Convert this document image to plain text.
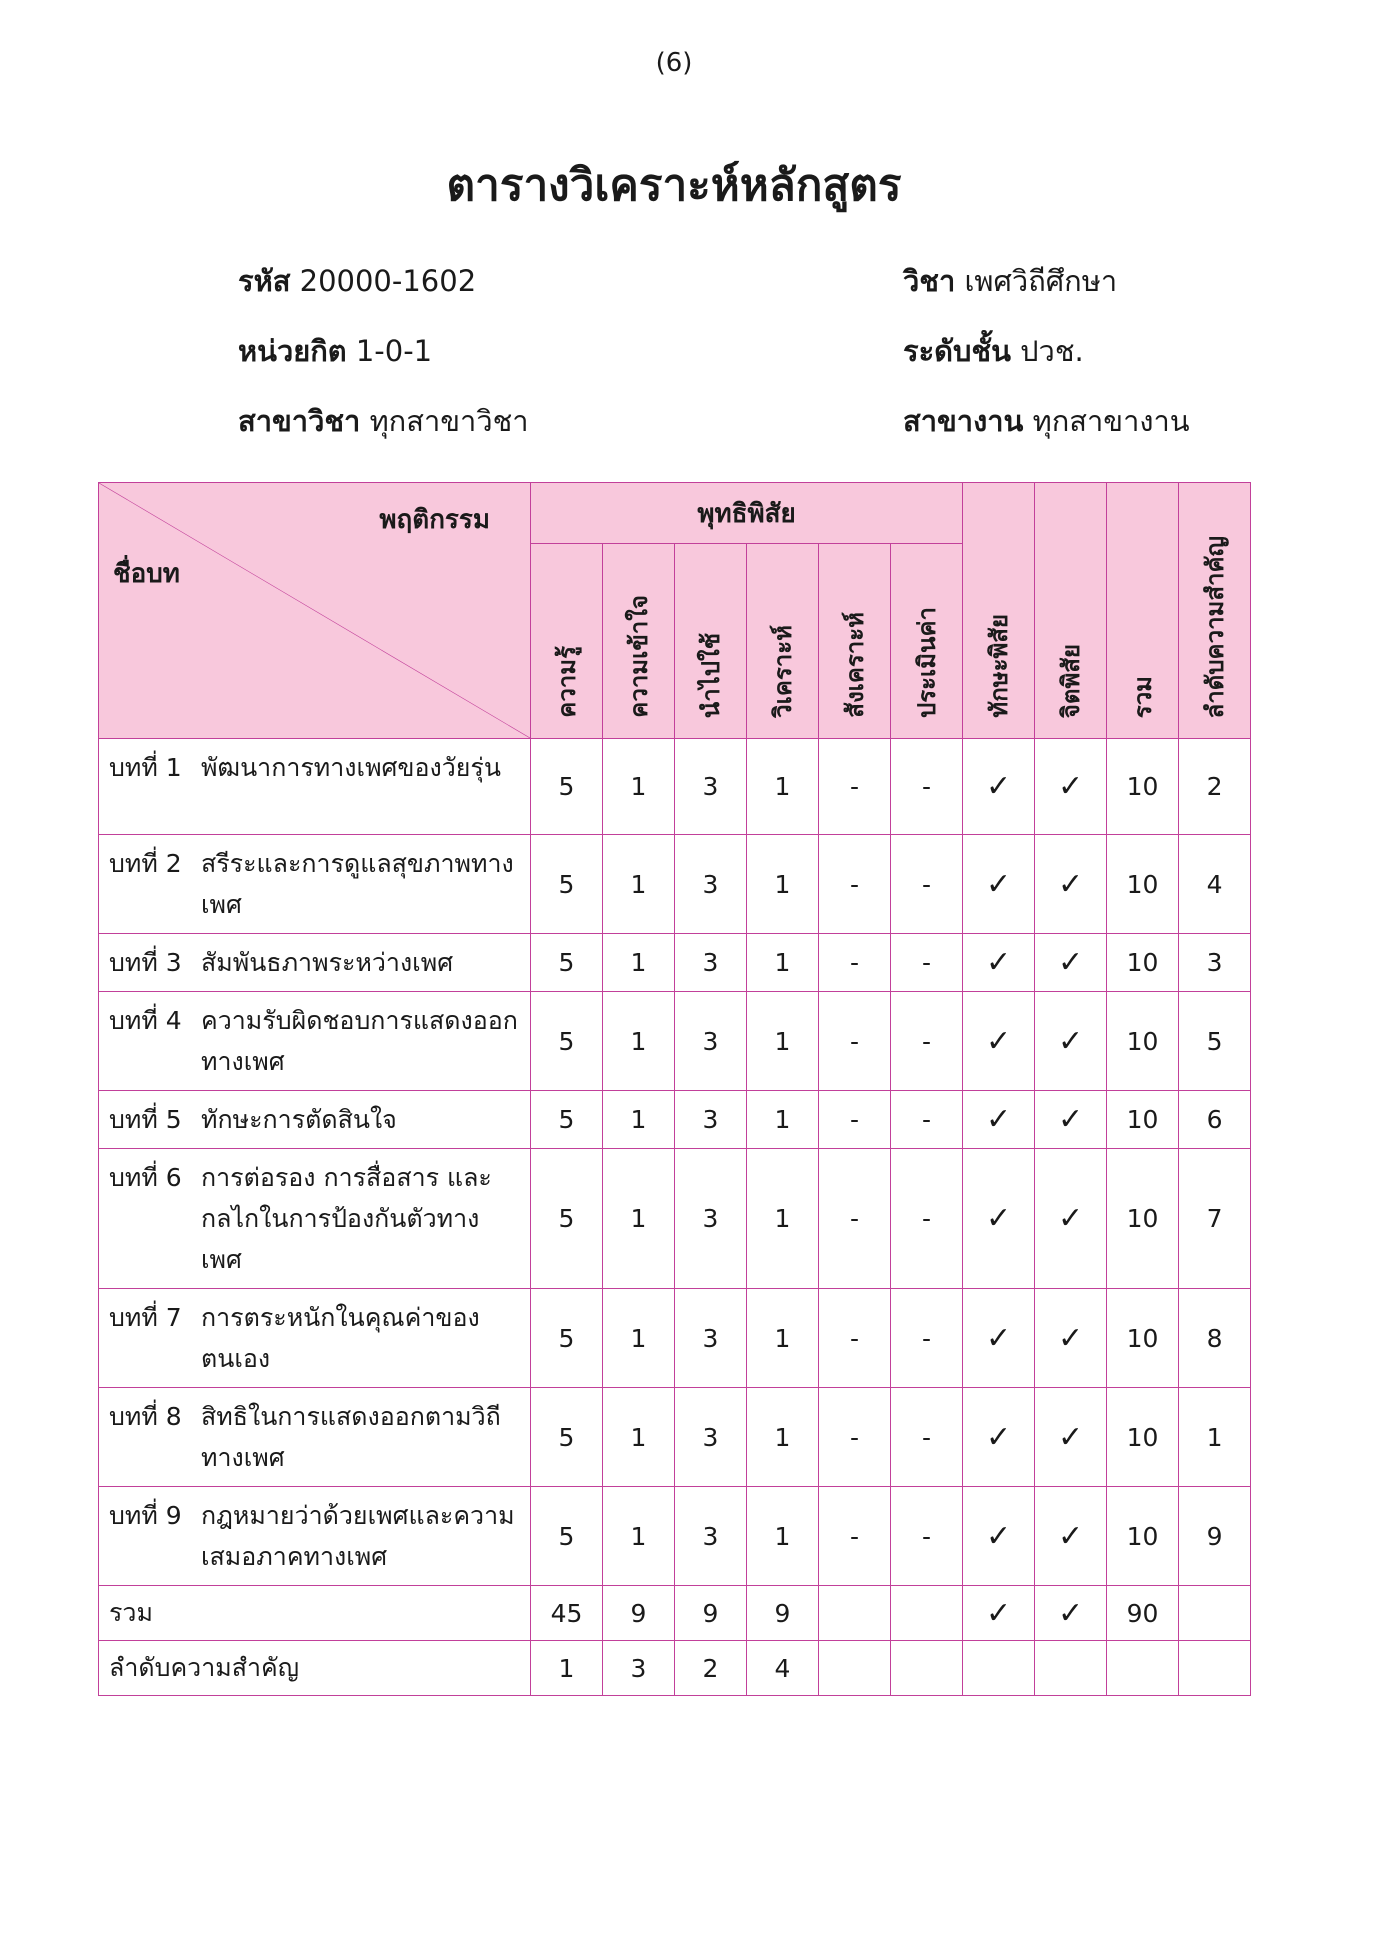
(6)
ตารางวิเคราะห์หลักสูตร
รหัส 20000-1602	วิชา เพศวิถีศึกษา
หน่วยกิต 1-0-1	ระดับชั้น ปวช.
สาขาวิชา ทุกสาขาวิชา	สาขางาน ทุกสาขางาน
พฤติกรรม
ชื่อบท	พุทธิพิสัย						ทักษะพิสัย	จิตพิสัย	รวม	ลำดับความสำคัญ
	ความรู้	ความเข้าใจ	นำไปใช้	วิเคราะห์	สังเคราะห์	ประเมินค่า				

บทที่ 1 พัฒนาการทางเพศของวัยรุ่น	5	1	3	1	-	-	✓	✓	10	2

บทที่ 2 สรีระและการดูแลสุขภาพทางเพศ	5	1	3	1	-	-	✓	✓	10	4

บทที่ 3 สัมพันธภาพระหว่างเพศ	5	1	3	1	-	-	✓	✓	10	3

บทที่ 4 ความรับผิดชอบการแสดงออกทางเพศ	5	1	3	1	-	-	✓	✓	10	5

บทที่ 5 ทักษะการตัดสินใจ	5	1	3	1	-	-	✓	✓	10	6

บทที่ 6 การต่อรอง การสื่อสาร และกลไกในการป้องกันตัวทางเพศ	5	1	3	1	-	-	✓	✓	10	7

บทที่ 7 การตระหนักในคุณค่าของตนเอง	5	1	3	1	-	-	✓	✓	10	8

บทที่ 8 สิทธิในการแสดงออกตามวิถีทางเพศ	5	1	3	1	-	-	✓	✓	10	1

บทที่ 9 กฎหมายว่าด้วยเพศและความเสมอภาคทางเพศ	5	1	3	1	-	-	✓	✓	10	9
รวม	45	9	9	9			✓	✓	90	
ลำดับความสำคัญ	1	3	2	4						
